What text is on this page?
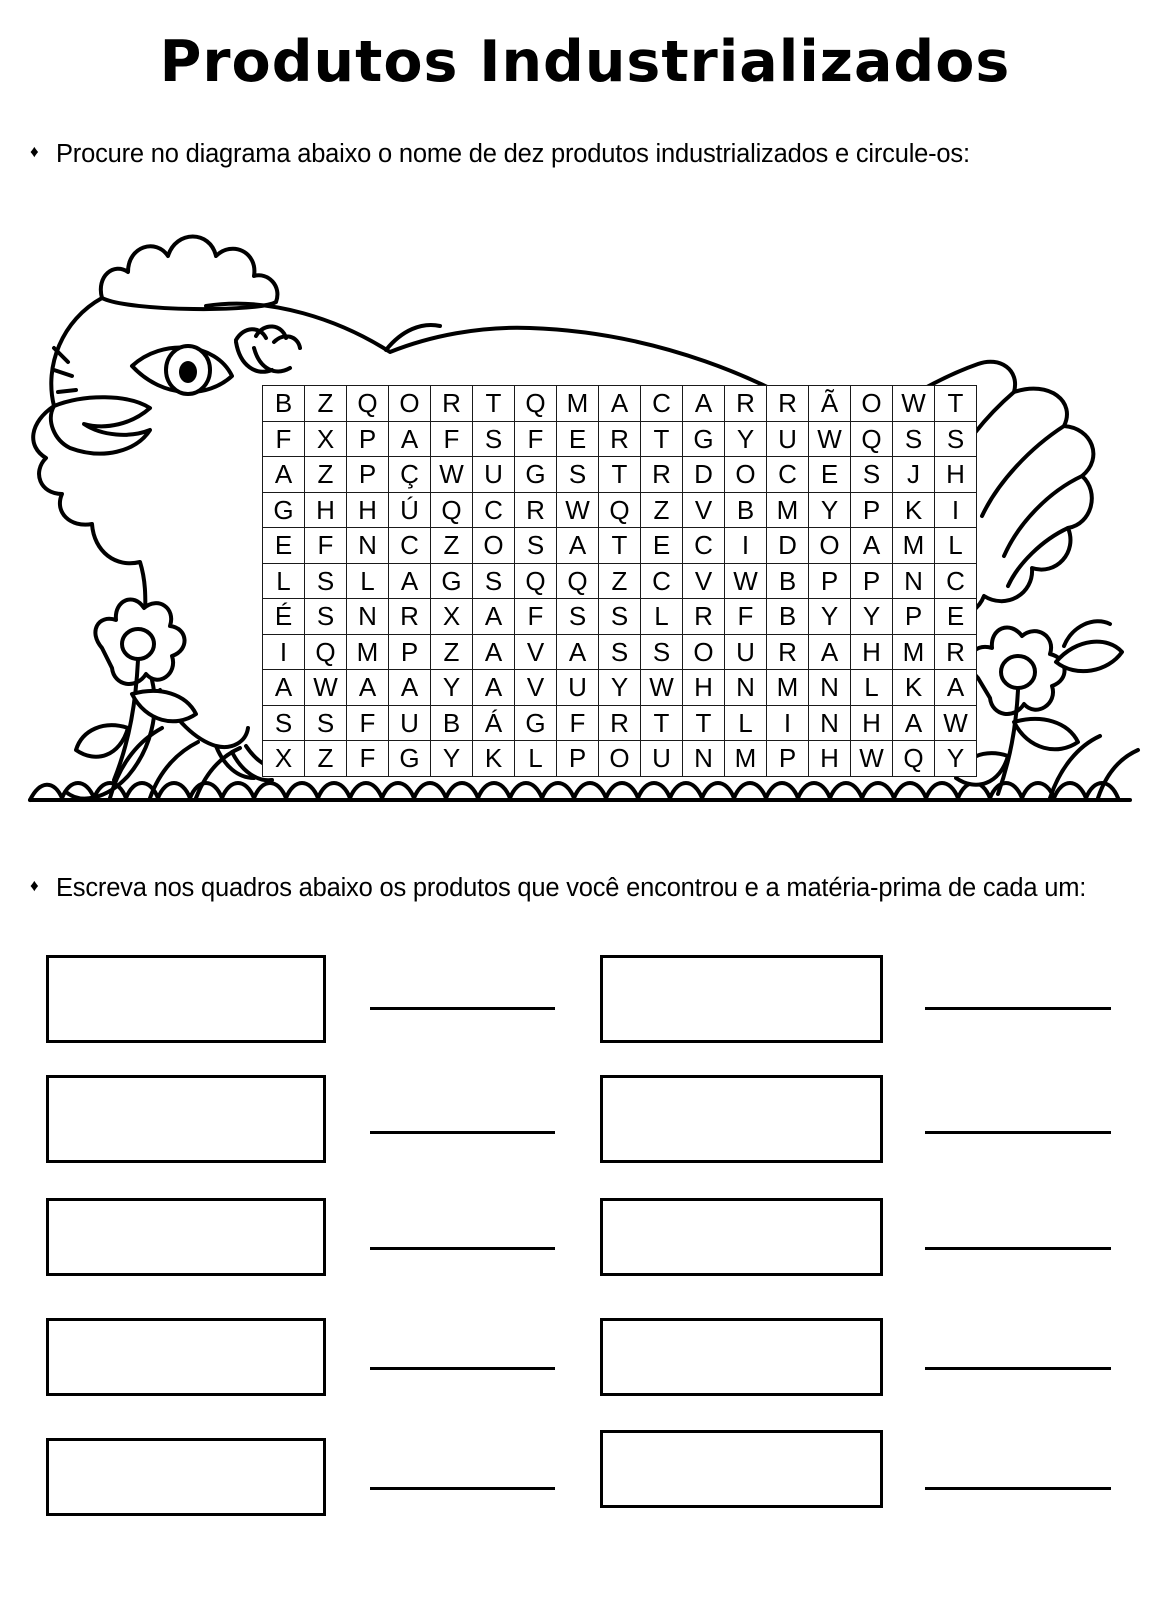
Produtos Industrializados
♦ Procure no diagrama abaixo o nome de dez produtos industrializados e circule-os:
B	Z	Q	O	R	T	Q	M	A	C	A	R	R	Ã	O	W	T
F	X	P	A	F	S	F	E	R	T	G	Y	U	W	Q	S	S
A	Z	P	Ç	W	U	G	S	T	R	D	O	C	E	S	J	H
G	H	H	Ú	Q	C	R	W	Q	Z	V	B	M	Y	P	K	I
E	F	N	C	Z	O	S	A	T	E	C	I	D	O	A	M	L
L	S	L	A	G	S	Q	Q	Z	C	V	W	B	P	P	N	C
É	S	N	R	X	A	F	S	S	L	R	F	B	Y	Y	P	E
I	Q	M	P	Z	A	V	A	S	S	O	U	R	A	H	M	R
A	W	A	A	Y	A	V	U	Y	W	H	N	M	N	L	K	A
S	S	F	U	B	Á	G	F	R	T	T	L	I	N	H	A	W
X	Z	F	G	Y	K	L	P	O	U	N	M	P	H	W	Q	Y
♦ Escreva nos quadros abaixo os produtos que você encontrou e a matéria-prima de cada um:
